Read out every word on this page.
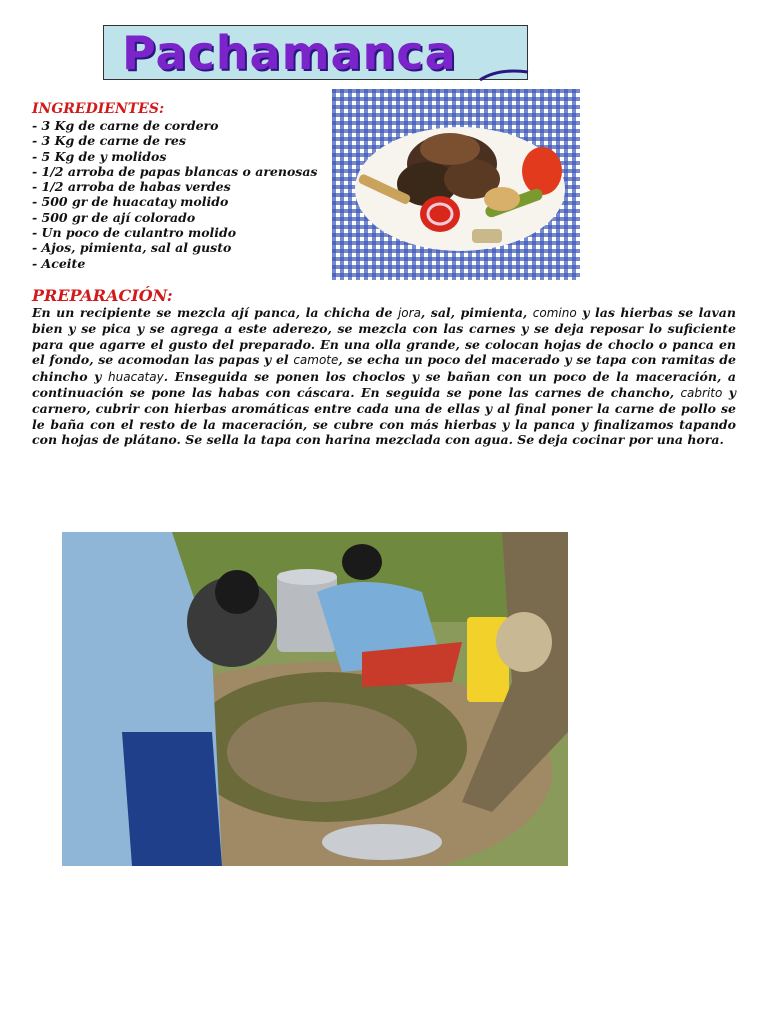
Pachamanca
INGREDIENTES:
- 3 Kg de carne de cordero
- 3 Kg de carne de res
- 5 Kg de y molidos
- 1/2 arroba de papas blancas o arenosas
- 1/2 arroba de habas verdes
- 500 gr de huacatay molido
- 500 gr de ají colorado
- Un poco de culantro molido
- Ajos, pimienta, sal al gusto
- Aceite
PREPARACIÓN:

En un recipiente se mezcla ají panca, la chicha de jora, sal, pimienta, comino y las hierbas se lavan bien y se pica y se agrega a este aderezo, se mezcla con las carnes y se deja reposar lo suficiente para que agarre el gusto del preparado. En una olla grande, se colocan hojas de choclo o panca en el fondo, se acomodan las papas y el camote, se echa un poco del macerado y se tapa con ramitas de chincho y huacatay. Enseguida se ponen los choclos y se bañan con un poco de la maceración, a continuación se pone las habas con cáscara. En seguida se pone las carnes de chancho, cabrito y carnero, cubrir con hierbas aromáticas entre cada una de ellas y al final poner la carne de pollo se le baña con el resto de la maceración, se cubre con más hierbas y la panca y finalizamos tapando con hojas de plátano. Se sella la tapa con harina mezclada con agua. Se deja cocinar por una hora.
